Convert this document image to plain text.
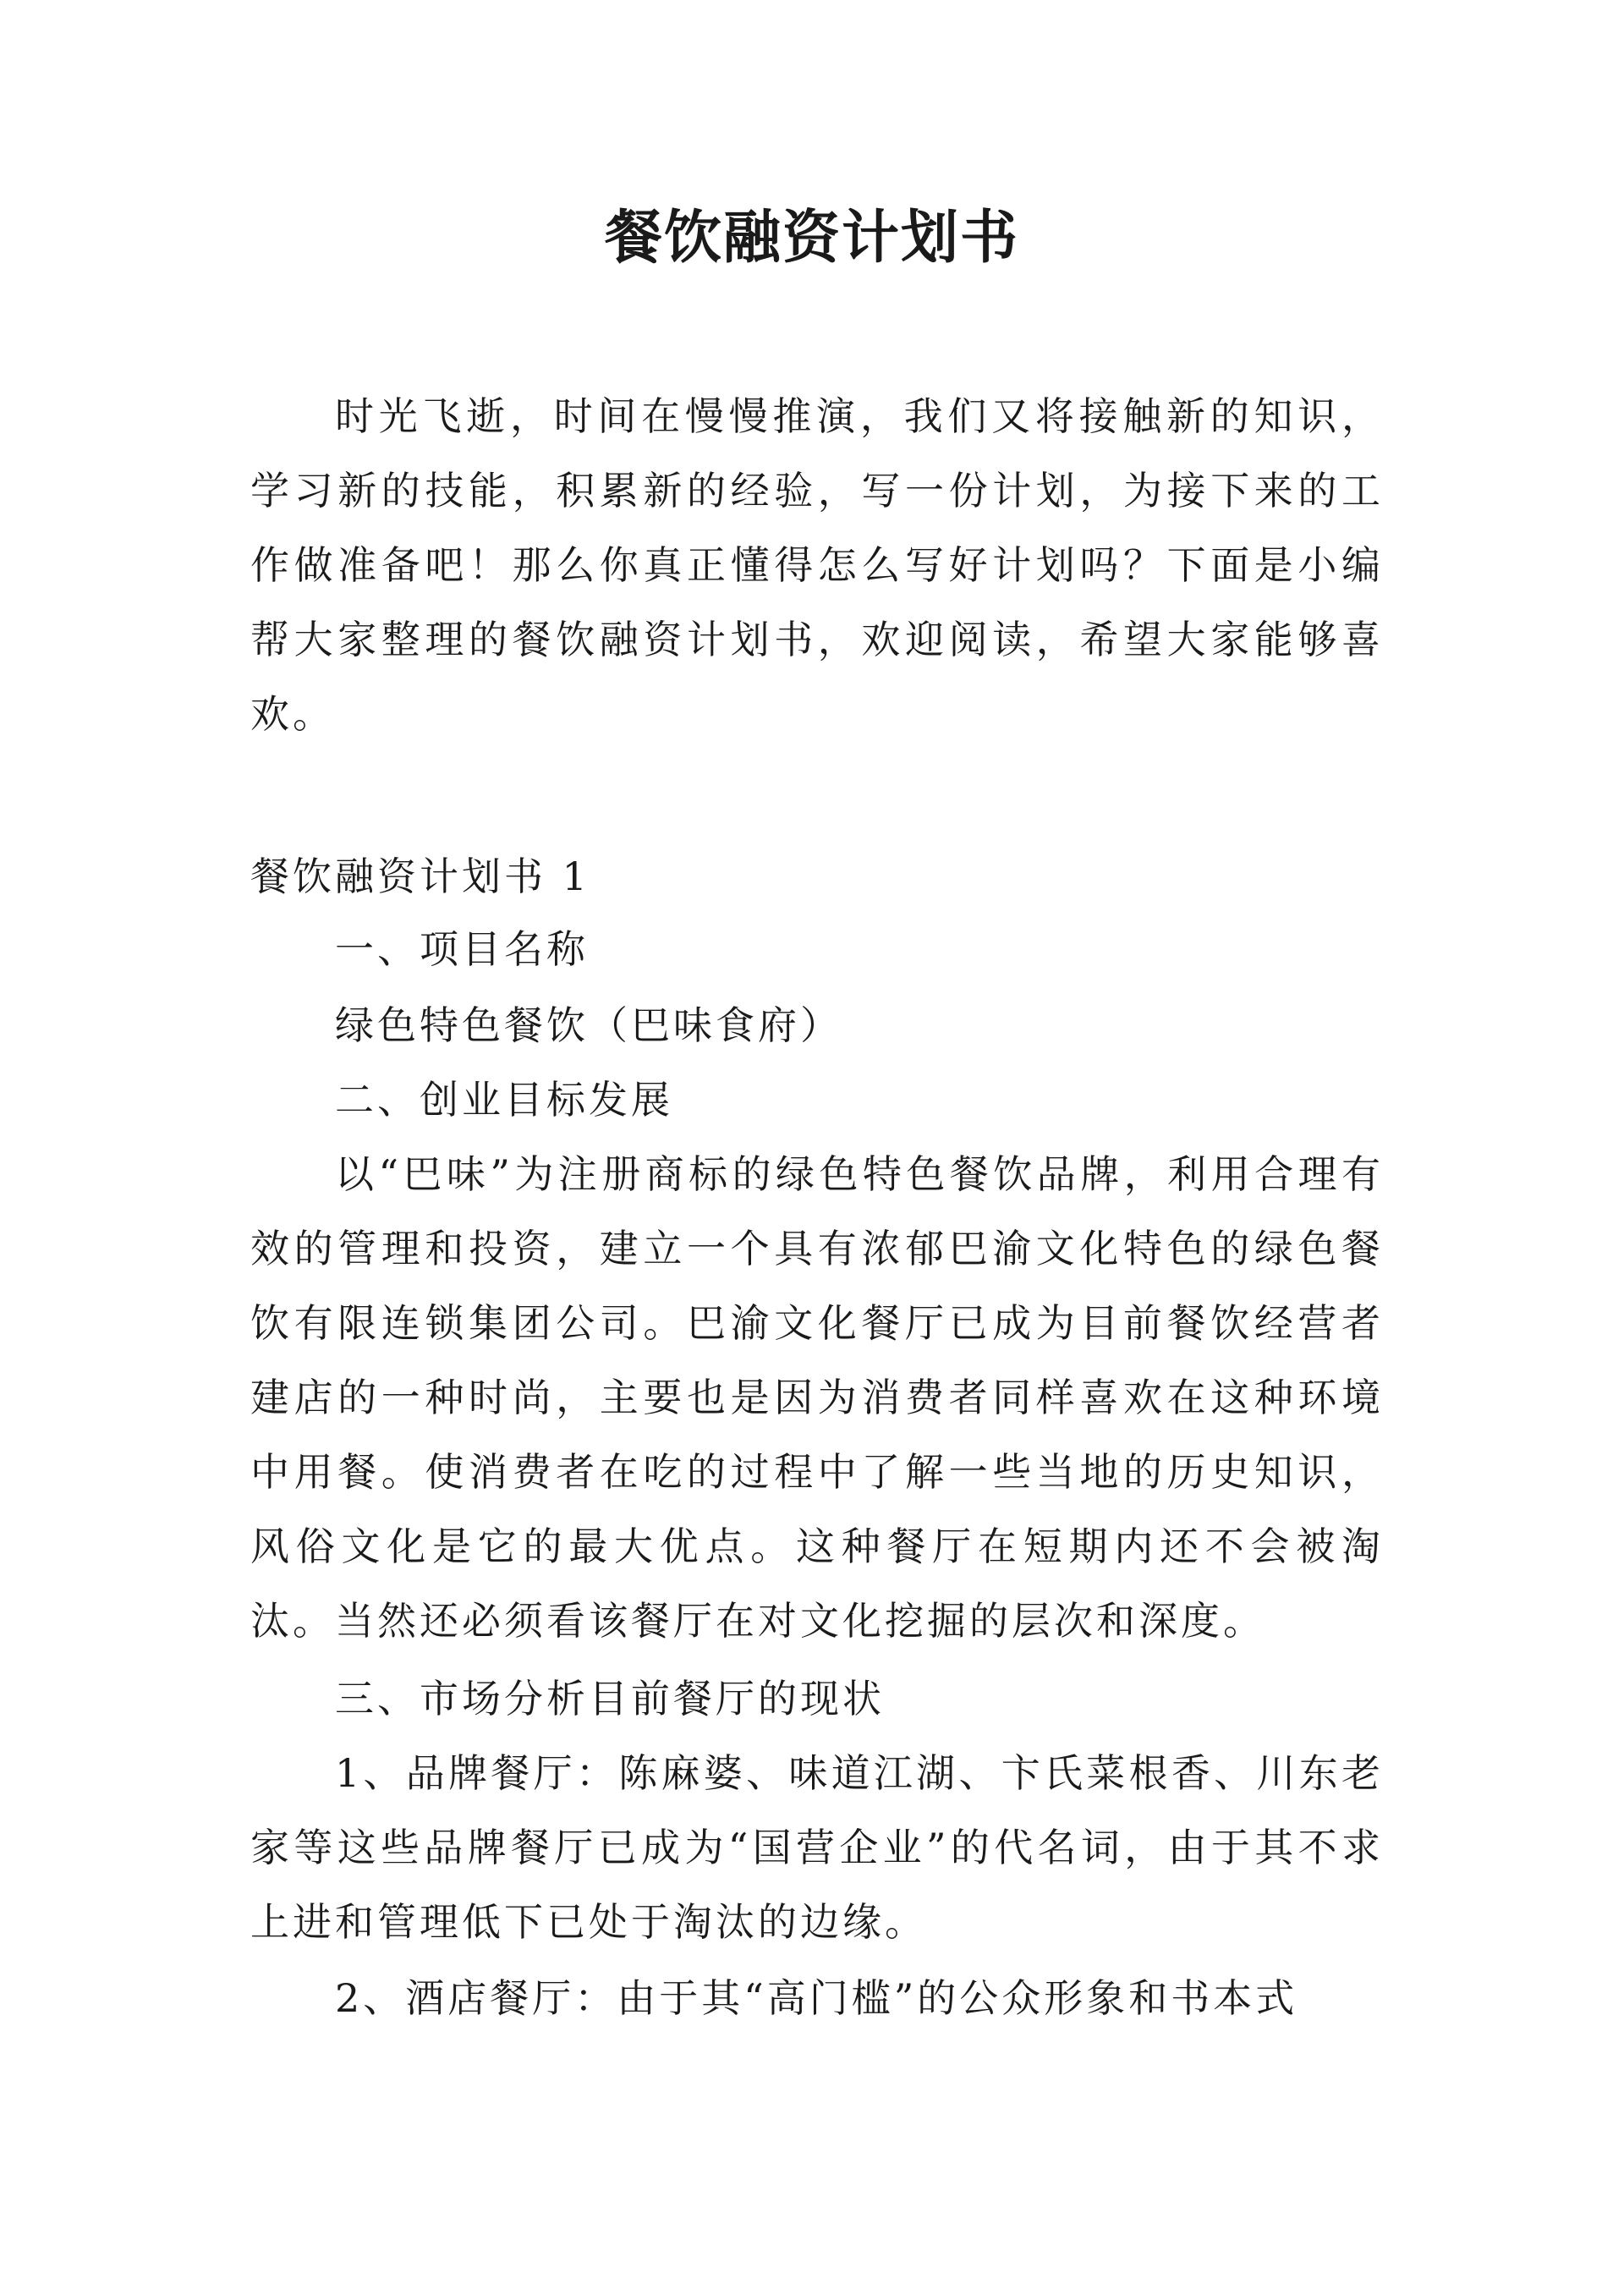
餐饮融资计划书

时光飞逝，时间在慢慢推演，我们又将接触新的知识，学习新的技能，积累新的经验，写一份计划，为接下来的工作做准备吧！那么你真正懂得怎么写好计划吗？下面是小编帮大家整理的餐饮融资计划书，欢迎阅读，希望大家能够喜欢。

餐饮融资计划书 1

一、项目名称

绿色特色餐饮（巴味食府）

二、创业目标发展

以“巴味”为注册商标的绿色特色餐饮品牌，利用合理有效的管理和投资，建立一个具有浓郁巴渝文化特色的绿色餐饮有限连锁集团公司。巴渝文化餐厅已成为目前餐饮经营者建店的一种时尚，主要也是因为消费者同样喜欢在这种环境中用餐。使消费者在吃的过程中了解一些当地的历史知识，风俗文化是它的最大优点。这种餐厅在短期内还不会被淘汰。当然还必须看该餐厅在对文化挖掘的层次和深度。

三、市场分析目前餐厅的现状

1、品牌餐厅：陈麻婆、味道江湖、卞氏菜根香、川东老家等这些品牌餐厅已成为“国营企业”的代名词，由于其不求上进和管理低下已处于淘汰的边缘。

2、酒店餐厅：由于其“高门槛”的公众形象和书本式
